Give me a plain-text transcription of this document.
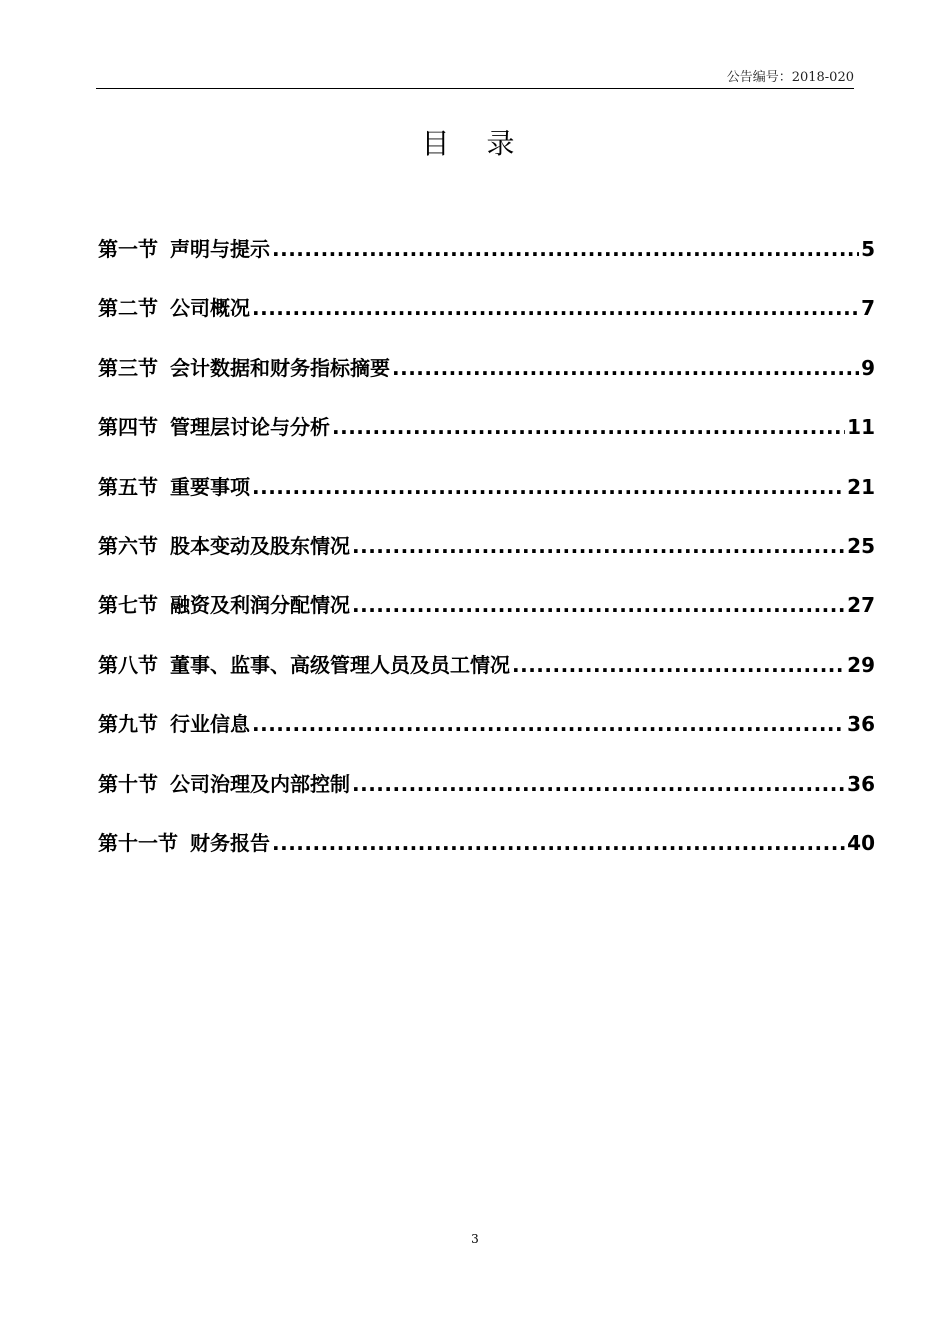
公告编号：2018-020
目 录
第一节 声明与提示 .....	5
第二节 公司概况 .....	7
第三节 会计数据和财务指标摘要 .....	9
第四节 管理层讨论与分析 .....	11
第五节 重要事项 .....	21
第六节 股本变动及股东情况 .....	25
第七节 融资及利润分配情况 .....	27
第八节 董事、监事、高级管理人员及员工情况 .....	29
第九节 行业信息 .....	36
第十节 公司治理及内部控制 .....	36
第十一节 财务报告 .....	40
3
